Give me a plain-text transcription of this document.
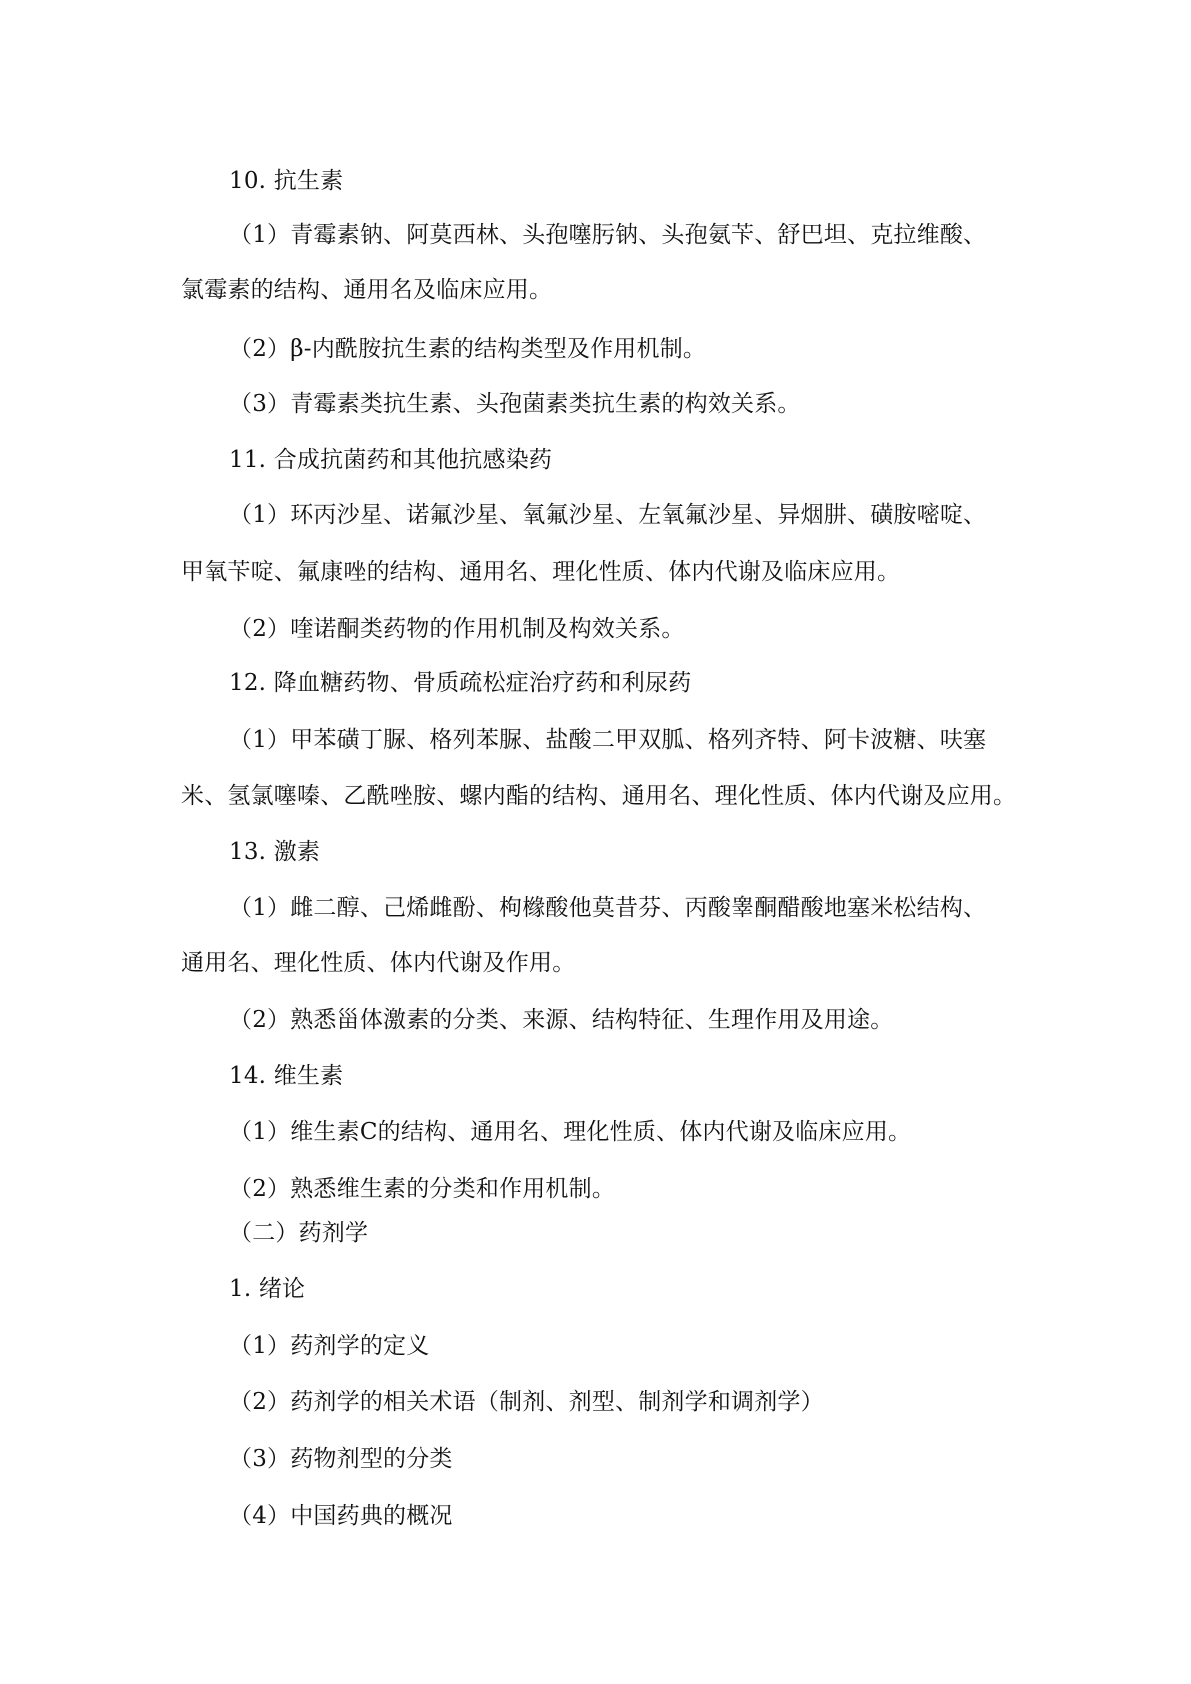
10. 抗生素
（1）青霉素钠、阿莫西林、头孢噻肟钠、头孢氨苄、舒巴坦、克拉维酸、
氯霉素的结构、通用名及临床应用。
（2）β-内酰胺抗生素的结构类型及作用机制。
（3）青霉素类抗生素、头孢菌素类抗生素的构效关系。
11. 合成抗菌药和其他抗感染药
（1）环丙沙星、诺氟沙星、氧氟沙星、左氧氟沙星、异烟肼、磺胺嘧啶、
甲氧苄啶、氟康唑的结构、通用名、理化性质、体内代谢及临床应用。
（2）喹诺酮类药物的作用机制及构效关系。
12. 降血糖药物、骨质疏松症治疗药和利尿药
（1）甲苯磺丁脲、格列苯脲、盐酸二甲双胍、格列齐特、阿卡波糖、呋塞
米、氢氯噻嗪、乙酰唑胺、螺内酯的结构、通用名、理化性质、体内代谢及应用。
13. 激素
（1）雌二醇、己烯雌酚、枸橼酸他莫昔芬、丙酸睾酮醋酸地塞米松结构、
通用名、理化性质、体内代谢及作用。
（2）熟悉甾体激素的分类、来源、结构特征、生理作用及用途。
14. 维生素
（1）维生素C的结构、通用名、理化性质、体内代谢及临床应用。
（2）熟悉维生素的分类和作用机制。
（二）药剂学
1. 绪论
（1）药剂学的定义
（2）药剂学的相关术语（制剂、剂型、制剂学和调剂学）
（3）药物剂型的分类
（4）中国药典的概况
